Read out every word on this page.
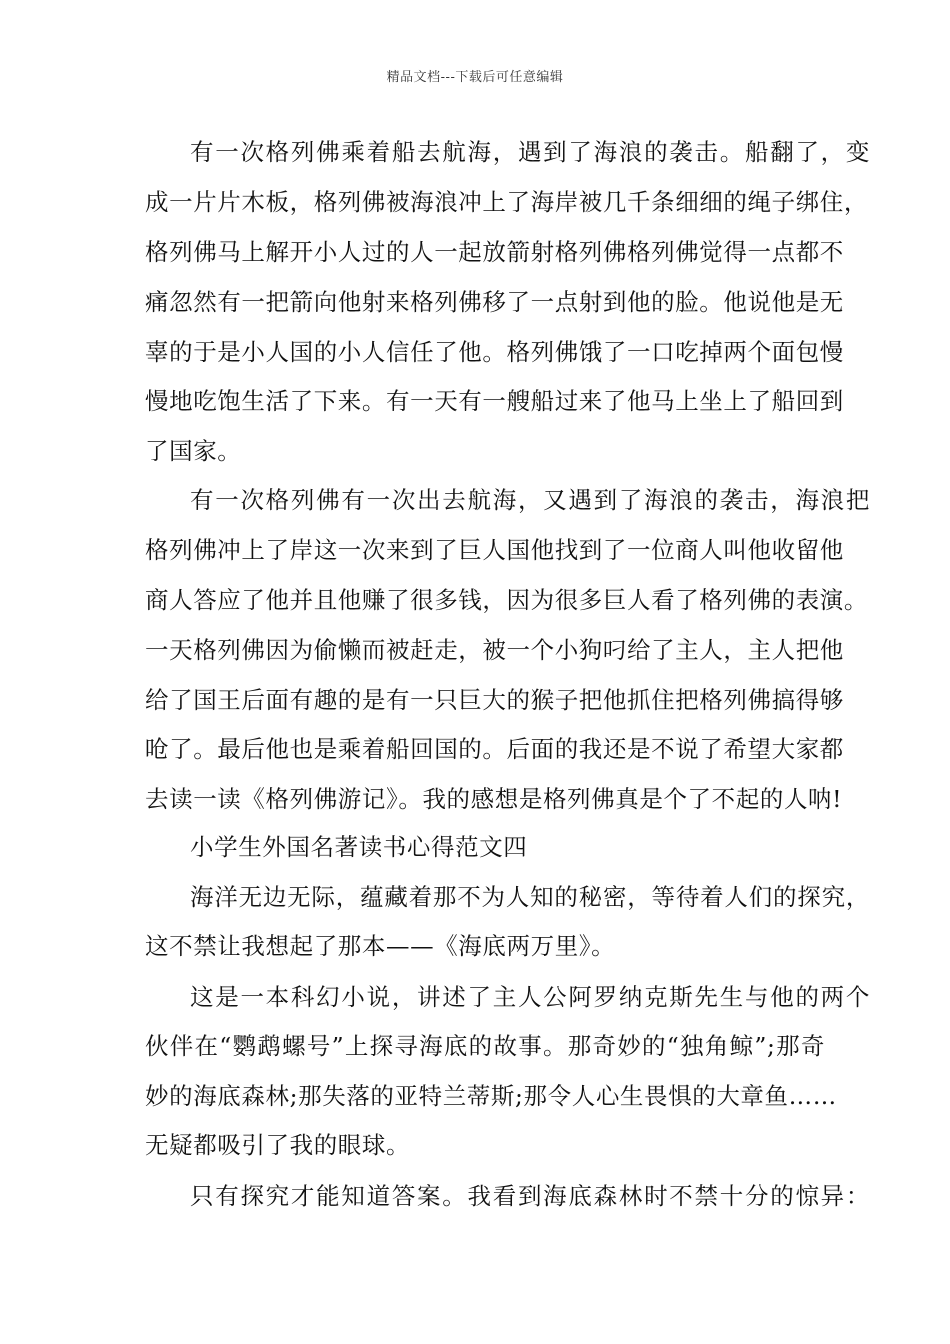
精品文档---下载后可任意编辑
有一次格列佛乘着船去航海，遇到了海浪的袭击。船翻了，变
成一片片木板，格列佛被海浪冲上了海岸被几千条细细的绳子绑住，
格列佛马上解开小人过的人一起放箭射格列佛格列佛觉得一点都不
痛忽然有一把箭向他射来格列佛移了一点射到他的脸。他说他是无
辜的于是小人国的小人信任了他。格列佛饿了一口吃掉两个面包慢
慢地吃饱生活了下来。有一天有一艘船过来了他马上坐上了船回到
了国家。
有一次格列佛有一次出去航海，又遇到了海浪的袭击，海浪把
格列佛冲上了岸这一次来到了巨人国他找到了一位商人叫他收留他
商人答应了他并且他赚了很多钱，因为很多巨人看了格列佛的表演。
一天格列佛因为偷懒而被赶走，被一个小狗叼给了主人，主人把他
给了国王后面有趣的是有一只巨大的猴子把他抓住把格列佛搞得够
呛了。最后他也是乘着船回国的。后面的我还是不说了希望大家都
去读一读《格列佛游记》。我的感想是格列佛真是个了不起的人呐!
小学生外国名著读书心得范文四
海洋无边无际，蕴藏着那不为人知的秘密，等待着人们的探究，
这不禁让我想起了那本——《海底两万里》。
这是一本科幻小说，讲述了主人公阿罗纳克斯先生与他的两个
伙伴在“鹦鹉螺号”上探寻海底的故事。那奇妙的“独角鲸”;那奇
妙的海底森林;那失落的亚特兰蒂斯;那令人心生畏惧的大章鱼……
无疑都吸引了我的眼球。
只有探究才能知道答案。我看到海底森林时不禁十分的惊异：
